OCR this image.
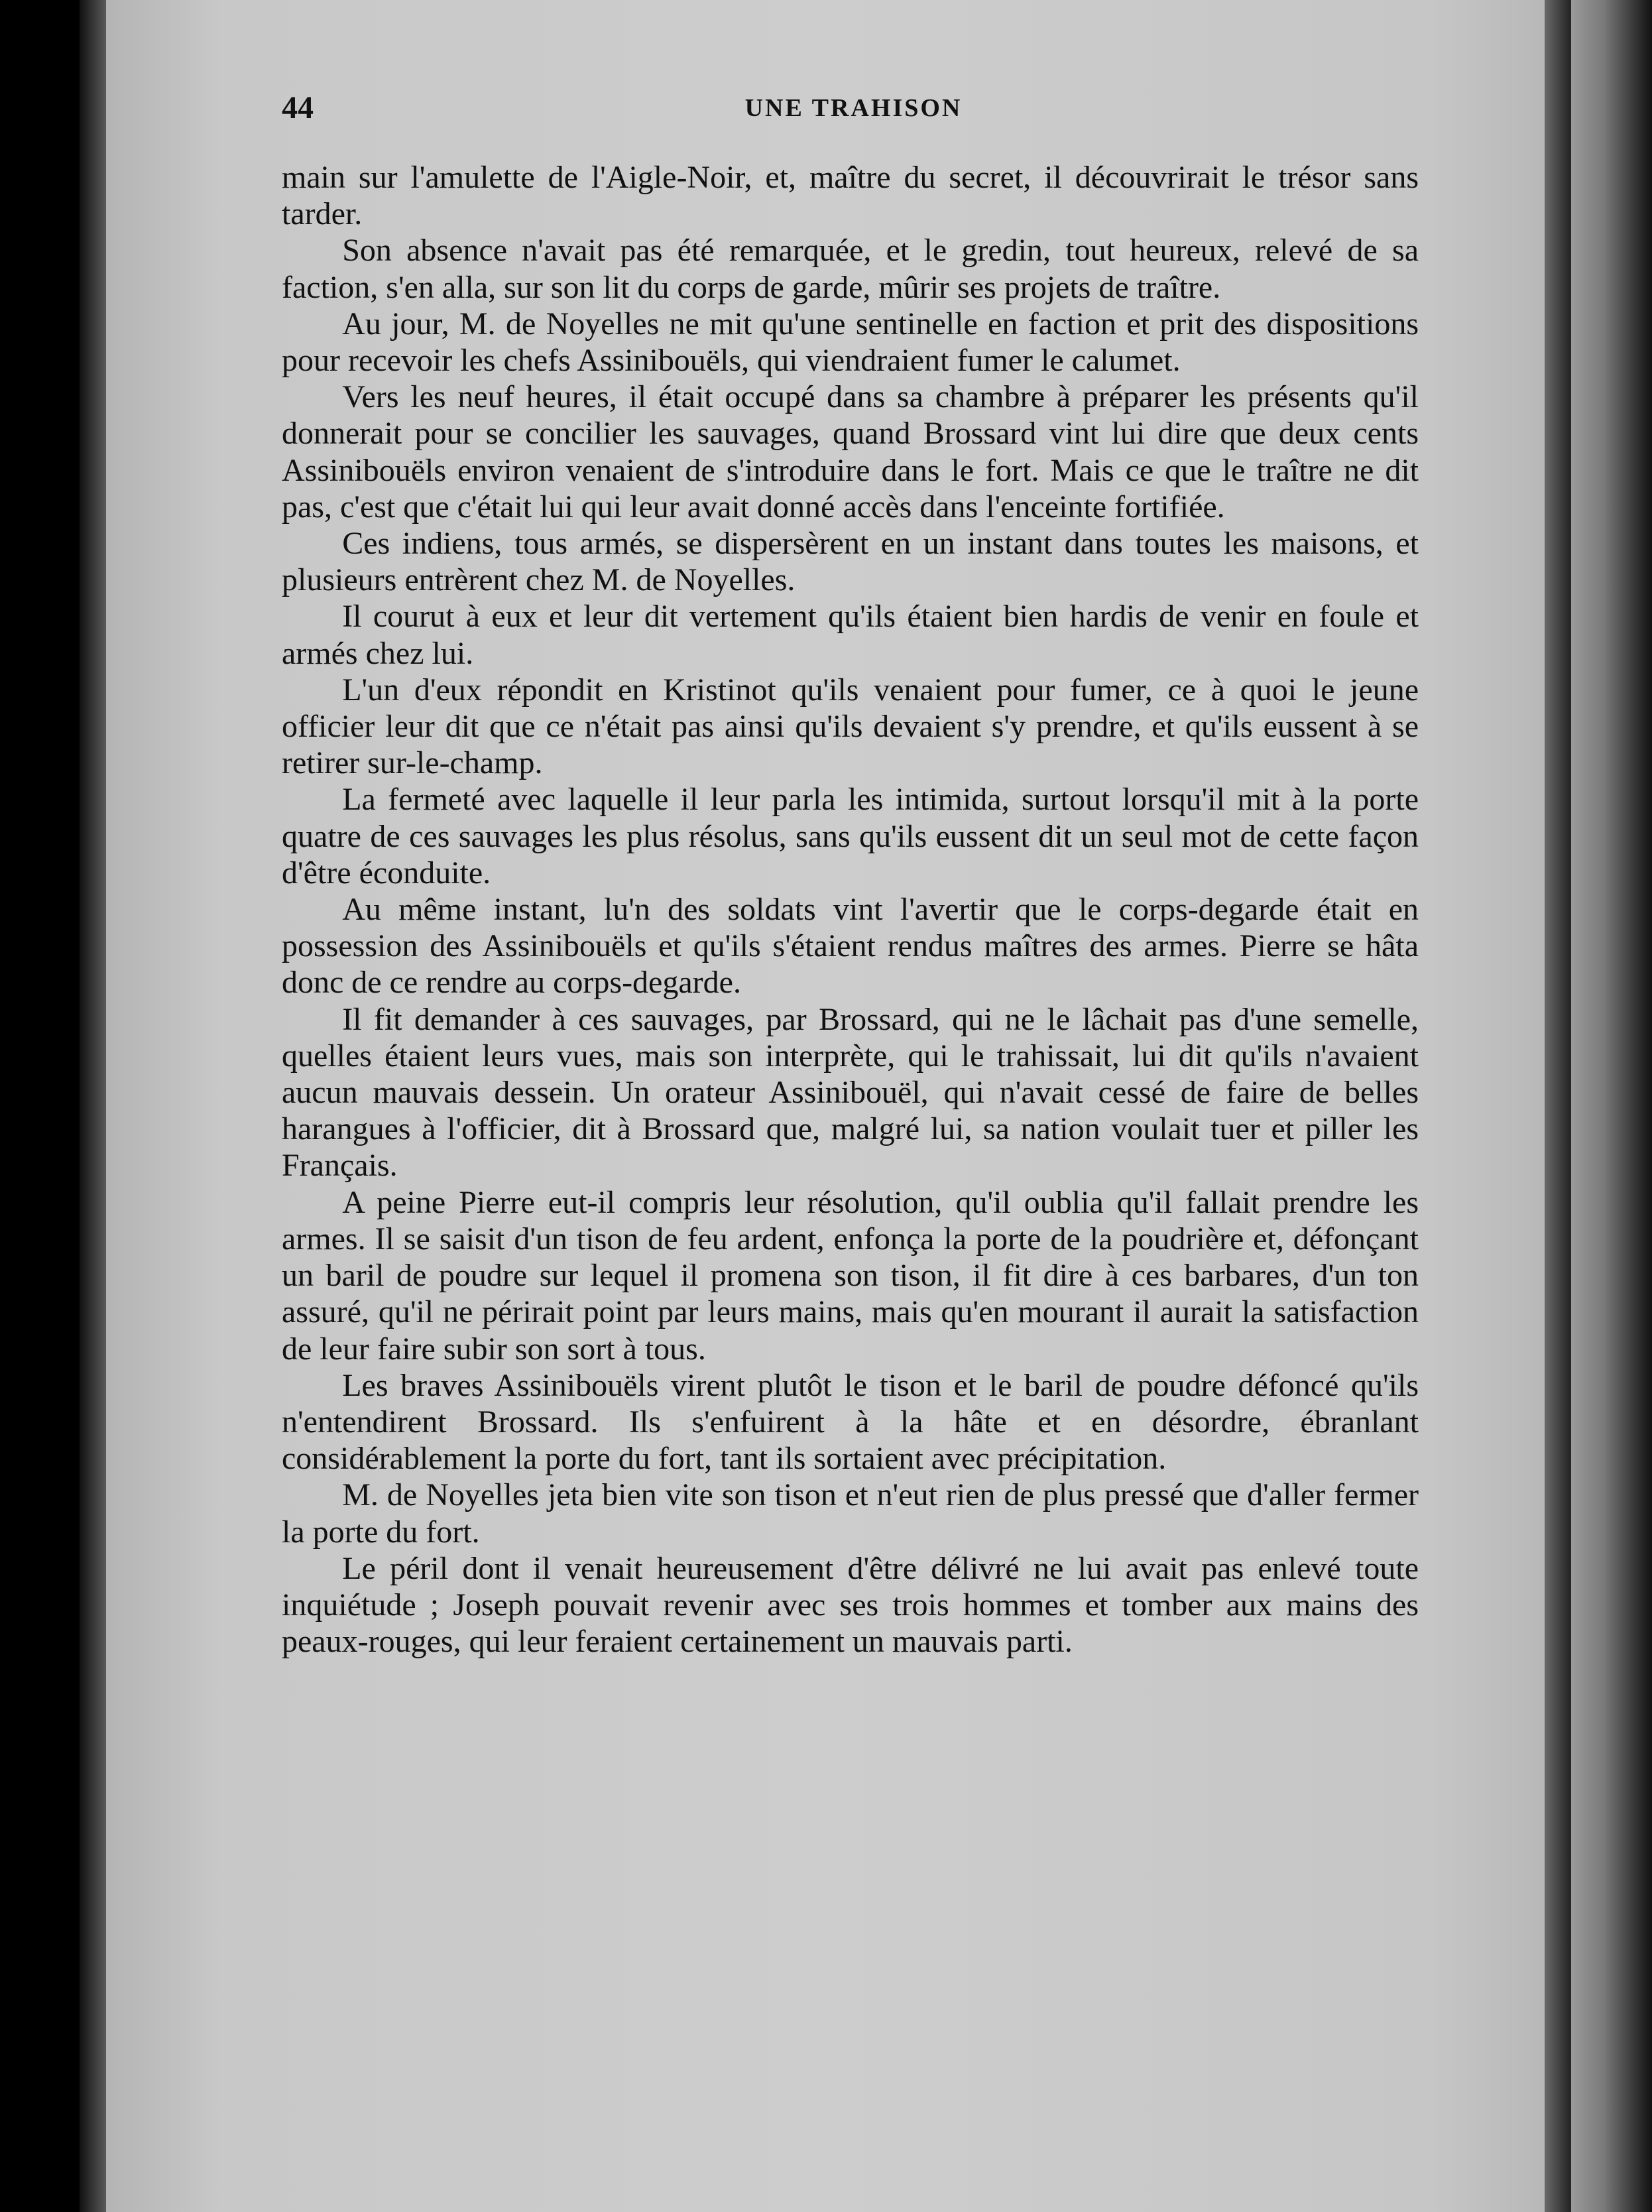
44	UNE TRAHISON

main sur l'amulette de l'Aigle-Noir, et, maître du secret, il découvrirait le trésor sans tarder.

Son absence n'avait pas été remarquée, et le gredin, tout heureux, relevé de sa faction, s'en alla, sur son lit du corps de garde, mûrir ses projets de traître.

Au jour, M. de Noyelles ne mit qu'une sentinelle en faction et prit des dispositions pour recevoir les chefs Assinibouëls, qui viendraient fumer le calumet.

Vers les neuf heures, il était occupé dans sa chambre à préparer les présents qu'il donnerait pour se concilier les sauvages, quand Brossard vint lui dire que deux cents Assinibouëls environ venaient de s'introduire dans le fort. Mais ce que le traître ne dit pas, c'est que c'était lui qui leur avait donné accès dans l'enceinte fortifiée.

Ces indiens, tous armés, se dispersèrent en un instant dans toutes les maisons, et plusieurs entrèrent chez M. de Noyelles.

Il courut à eux et leur dit vertement qu'ils étaient bien hardis de venir en foule et armés chez lui.

L'un d'eux répondit en Kristinot qu'ils venaient pour fumer, ce à quoi le jeune officier leur dit que ce n'était pas ainsi qu'ils devaient s'y prendre, et qu'ils eussent à se retirer sur-le-champ.

La fermeté avec laquelle il leur parla les intimida, surtout lorsqu'il mit à la porte quatre de ces sauvages les plus résolus, sans qu'ils eussent dit un seul mot de cette façon d'être éconduite.

Au même instant, lu'n des soldats vint l'avertir que le corps-degarde était en possession des Assinibouëls et qu'ils s'étaient rendus maîtres des armes. Pierre se hâta donc de ce rendre au corps-degarde.

Il fit demander à ces sauvages, par Brossard, qui ne le lâchait pas d'une semelle, quelles étaient leurs vues, mais son interprète, qui le trahissait, lui dit qu'ils n'avaient aucun mauvais dessein. Un orateur Assinibouël, qui n'avait cessé de faire de belles harangues à l'officier, dit à Brossard que, malgré lui, sa nation voulait tuer et piller les Français.

A peine Pierre eut-il compris leur résolution, qu'il oublia qu'il fallait prendre les armes. Il se saisit d'un tison de feu ardent, enfonça la porte de la poudrière et, défonçant un baril de poudre sur lequel il promena son tison, il fit dire à ces barbares, d'un ton assuré, qu'il ne périrait point par leurs mains, mais qu'en mourant il aurait la satisfaction de leur faire subir son sort à tous.

Les braves Assinibouëls virent plutôt le tison et le baril de poudre défoncé qu'ils n'entendirent Brossard. Ils s'enfuirent à la hâte et en désordre, ébranlant considérablement la porte du fort, tant ils sortaient avec précipitation.

M. de Noyelles jeta bien vite son tison et n'eut rien de plus pressé que d'aller fermer la porte du fort.

Le péril dont il venait heureusement d'être délivré ne lui avait pas enlevé toute inquiétude ; Joseph pouvait revenir avec ses trois hommes et tomber aux mains des peaux-rouges, qui leur feraient certainement un mauvais parti.
